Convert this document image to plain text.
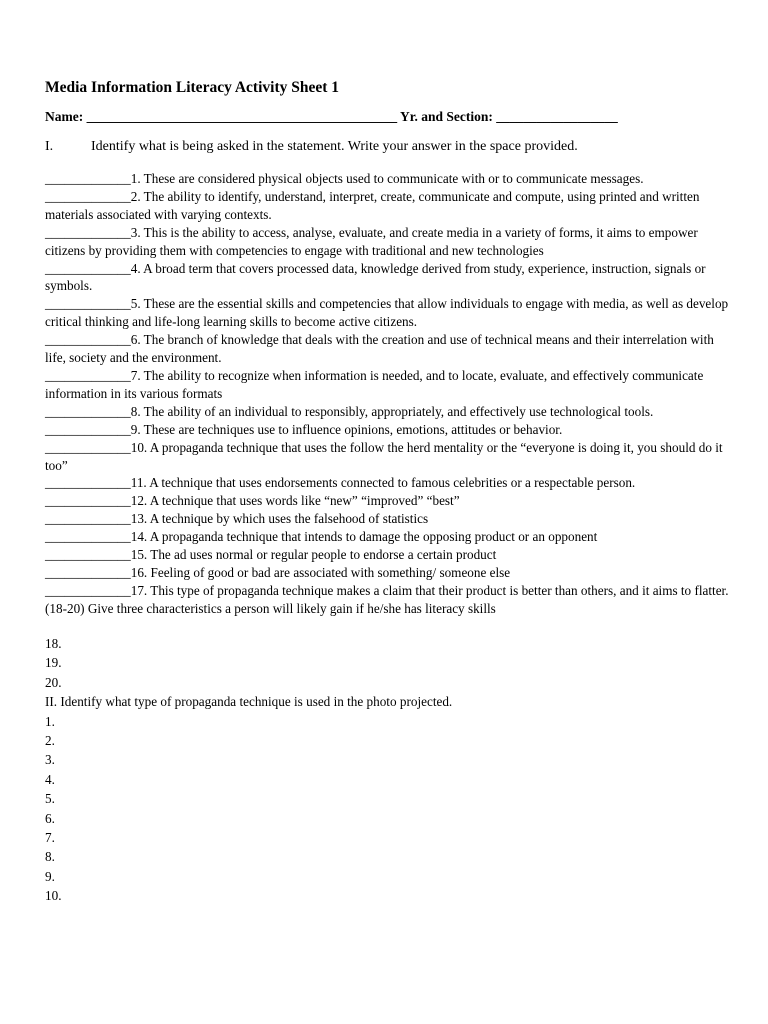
Media Information Literacy Activity Sheet 1
Name: ______________________________________________ Yr. and Section: __________________
I.	Identify what is being asked in the statement. Write your answer in the space provided.

_____________1. These are considered physical objects used to communicate with or to communicate messages.

_____________2. The ability to identify, understand, interpret, create, communicate and compute, using printed and written materials associated with varying contexts.

_____________3. This is the ability to access, analyse, evaluate, and create media in a variety of forms, it aims to empower citizens by providing them with competencies to engage with traditional and new technologies

_____________4. A broad term that covers processed data, knowledge derived from study, experience, instruction, signals or symbols.

_____________5. These are the essential skills and competencies that allow individuals to engage with media, as well as develop critical thinking and life-long learning skills to become active citizens.

_____________6. The branch of knowledge that deals with the creation and use of technical means and their interrelation with life, society and the environment.

_____________7. The ability to recognize when information is needed, and to locate, evaluate, and effectively communicate information in its various formats

_____________8. The ability of an individual to responsibly, appropriately, and effectively use technological tools.

_____________9. These are techniques use to influence opinions, emotions, attitudes or behavior.

_____________10. A propaganda technique that uses the follow the herd mentality or the “everyone is doing it, you should do it too”

_____________11. A technique that uses endorsements connected to famous celebrities or a respectable person.

_____________12. A technique that uses words like “new” “improved” “best”

_____________13. A technique by which uses the falsehood of statistics

_____________14. A propaganda technique that intends to damage the opposing product or an opponent

_____________15. The ad uses normal or regular people to endorse a certain product

_____________16. Feeling of good or bad are associated with something/ someone else

_____________17. This type of propaganda technique makes a claim that their product is better than others, and it aims to flatter.

(18-20) Give three characteristics a person will likely gain if he/she has literacy skills

18.

19.

20.

II. Identify what type of propaganda technique is used in the photo projected.

1.

2.

3.

4.

5.

6.

7.

8.

9.

10.
